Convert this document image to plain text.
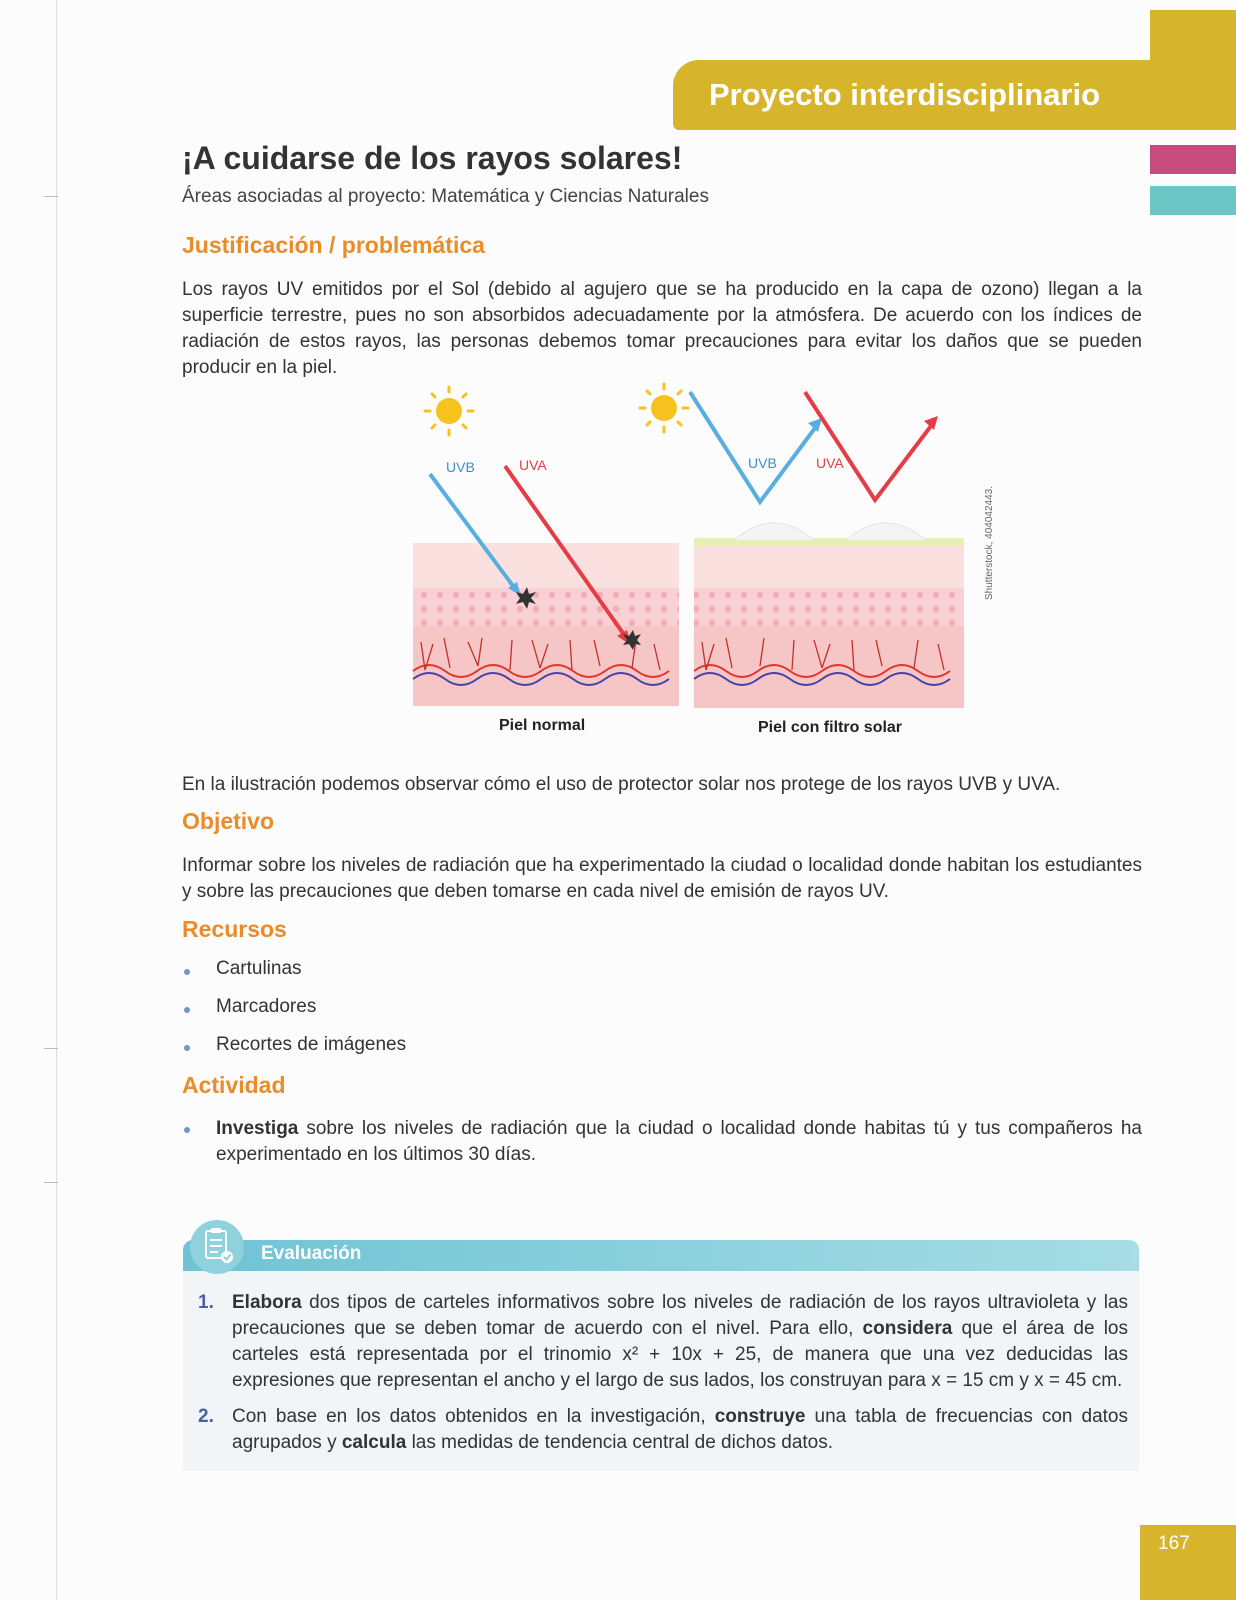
Proyecto interdisciplinario
¡A cuidarse de los rayos solares!
Áreas asociadas al proyecto: Matemática y Ciencias Naturales
Justificación / problemática
Los rayos UV emitidos por el Sol (debido al agujero que se ha producido en la capa de ozono) llegan a la superficie terrestre, pues no son absorbidos adecuadamente por la atmósfera. De acuerdo con los índices de radiación de estos rayos, las personas debemos tomar precauciones para evitar los daños que se pueden producir en la piel.
UVB	UVA	UVB	UVA
Piel normal	Piel con filtro solar
Shutterstock, 404042443.
En la ilustración podemos observar cómo el uso de protector solar nos protege de los rayos UVB y UVA.
Objetivo
Informar sobre los niveles de radiación que ha experimentado la ciudad o localidad donde habitan los estudiantes y sobre las precauciones que deben tomarse en cada nivel de emisión de rayos UV.
Recursos
Cartulinas
Marcadores
Recortes de imágenes
Actividad
Investiga sobre los niveles de radiación que la ciudad o localidad donde habitas tú y tus compañeros ha experimentado en los últimos 30 días.
Evaluación
1. Elabora dos tipos de carteles informativos sobre los niveles de radiación de los rayos ultravioleta y las precauciones que se deben tomar de acuerdo con el nivel. Para ello, considera que el área de los carteles está representada por el trinomio x² + 10x + 25, de manera que una vez deducidas las expresiones que representan el ancho y el largo de sus lados, los construyan para x = 15 cm y x = 45 cm.
2. Con base en los datos obtenidos en la investigación, construye una tabla de frecuencias con datos agrupados y calcula las medidas de tendencia central de dichos datos.
167
